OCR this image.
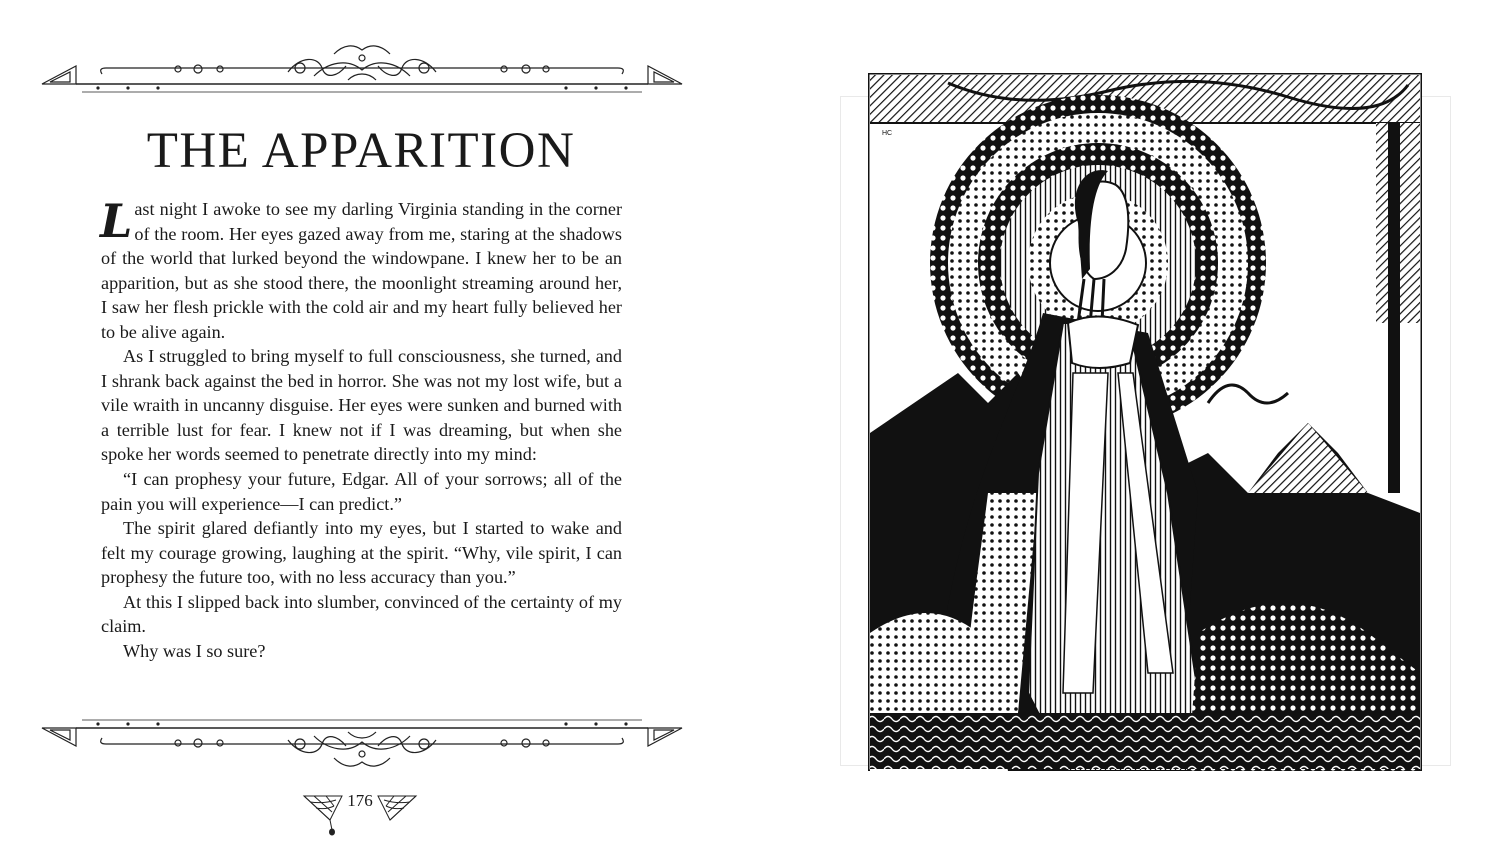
THE APPARITION

Last night I awoke to see my darling Virginia standing in the corner of the room. Her eyes gazed away from me, staring at the shadows of the world that lurked beyond the windowpane. I knew her to be an apparition, but as she stood there, the moonlight streaming around her, I saw her flesh prickle with the cold air and my heart fully believed her to be alive again.

As I struggled to bring myself to full consciousness, she turned, and I shrank back against the bed in horror. She was not my lost wife, but a vile wraith in uncanny disguise. Her eyes were sunken and burned with a terrible lust for fear. I knew not if I was dreaming, but when she spoke her words seemed to penetrate directly into my mind:

“I can prophesy your future, Edgar. All of your sorrows; all of the pain you will experience—I can predict.”

The spirit glared defiantly into my eyes, but I started to wake and felt my courage growing, laughing at the spirit. “Why, vile spirit, I can prophesy the future too, with no less accuracy than you.”

At this I slipped back into slumber, convinced of the certainty of my claim.

Why was I so sure?

176
HC
